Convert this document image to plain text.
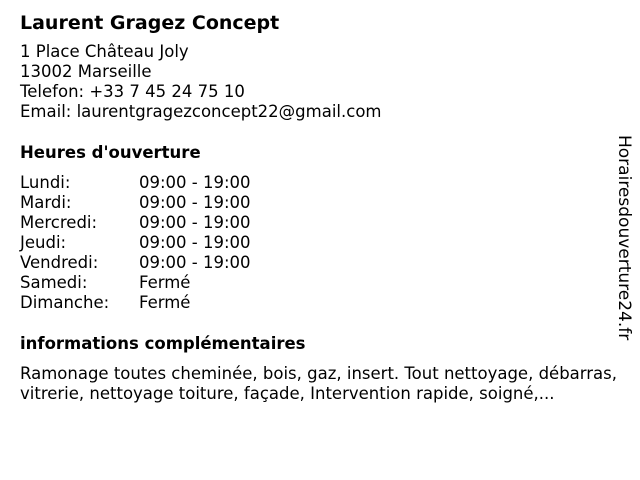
Laurent Gragez Concept
1 Place Château Joly
13002 Marseille
Telefon: +33 7 45 24 75 10
Email: laurentgragezconcept22@gmail.com
Heures d'ouverture
Lundi:	09:00 - 19:00
Mardi:	09:00 - 19:00
Mercredi:	09:00 - 19:00
Jeudi:	09:00 - 19:00
Vendredi:	09:00 - 19:00
Samedi:	Fermé
Dimanche:	Fermé
informations complémentaires
Ramonage toutes cheminée, bois, gaz, insert. Tout nettoyage, débarras, vitrerie, nettoyage toiture, façade, Intervention rapide, soigné,...
Horairesdouverture24.fr
